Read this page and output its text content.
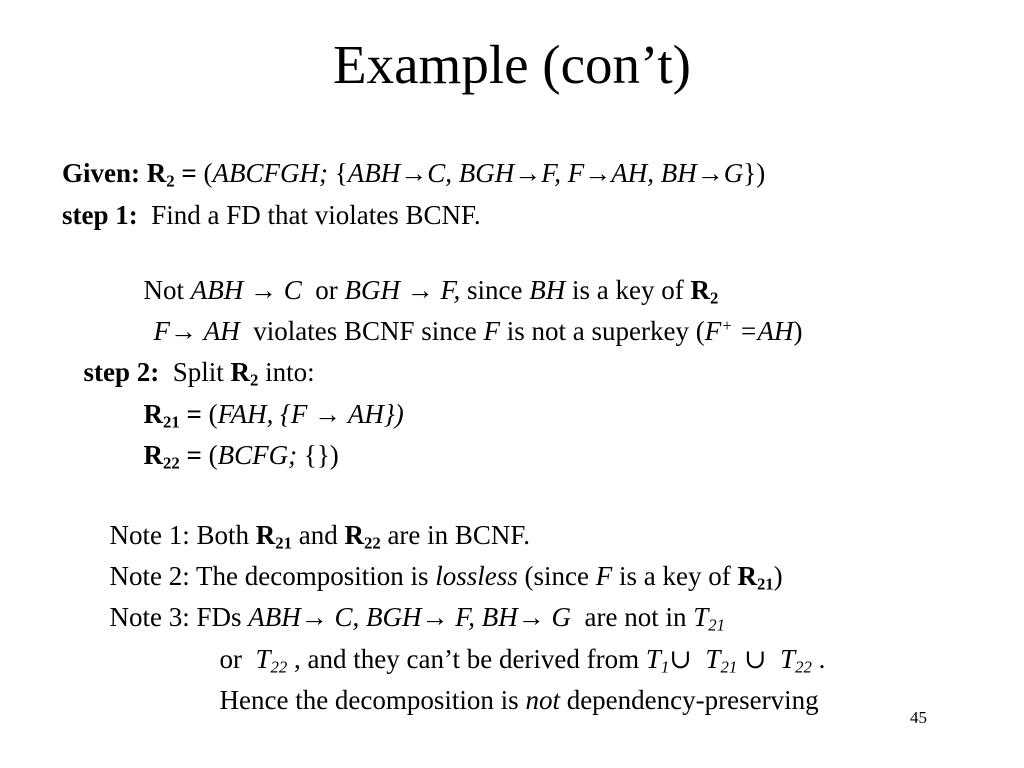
Example (con’t)
Given: $R_2$ = (ABCFGH; {ABH→C, BGH→F, F→AH, BH→G})
step 1:  Find a FD that violates BCNF.

Not ABH → C  or BGH → F, since BH is a key of $R_2$

F→ AH  violates BCNF since F is not a superkey (F+ =AH)

step 2:  Split $R_2$ into:

$R_{21} = (FAH$, {F → AH})

$R_{22}$ = (BCFG; {})

Note 1: Both $R_{21}$ and $R_{22}$ are in BCNF.

Note 2: The decomposition is lossless (since F is a key of $R_{21}$)

Note 3: FDs ABH→ C, BGH→ F, BH→ G  are not in $T_{21}$

or  $T_{22}$ , and they can’t be derived from $T_1\cup$ $T_{21}$ ∪ $T_{22}$ .

Hence the decomposition is not dependency-preserving

45
